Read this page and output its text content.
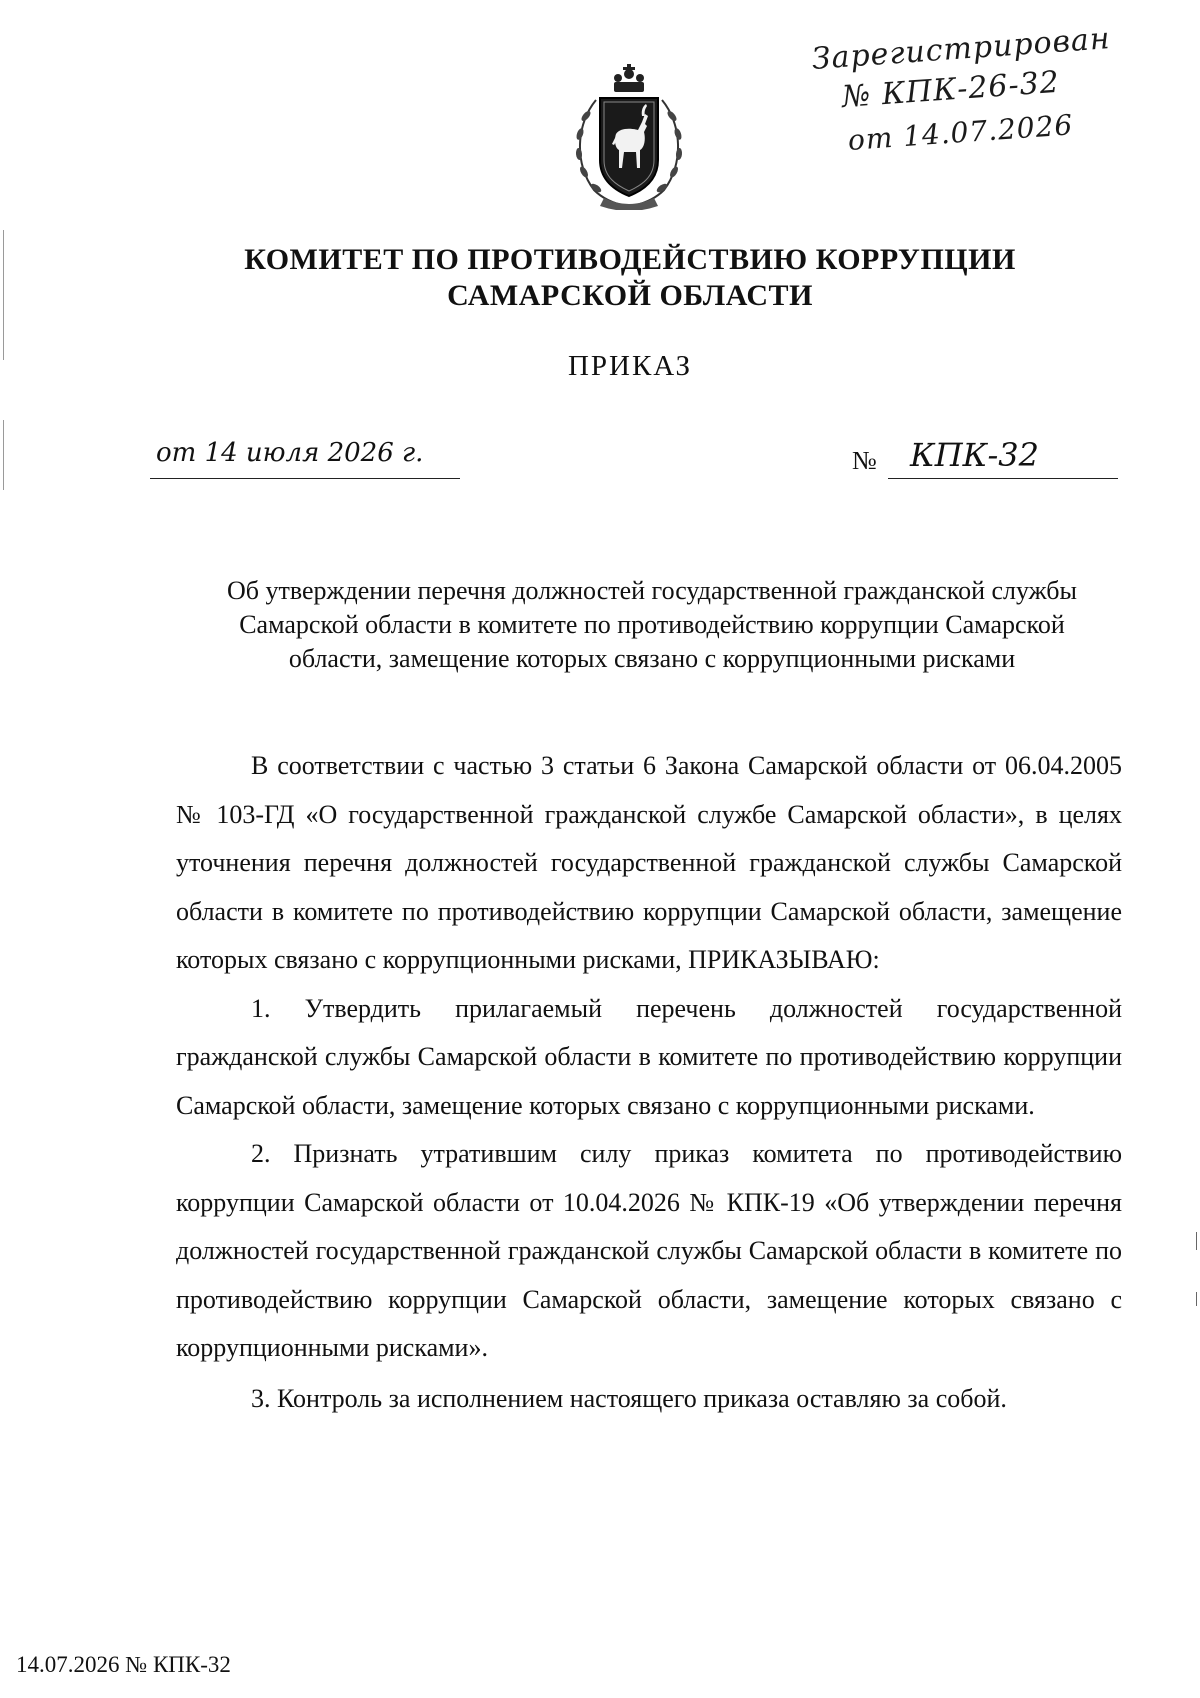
Зарегистрирован
№ КПК-26-32
от 14.07.2026
КОМИТЕТ ПО ПРОТИВОДЕЙСТВИЮ КОРРУПЦИИ
САМАРСКОЙ ОБЛАСТИ
ПРИКАЗ
от 14 июля 2026 г.	№ КПК-32
Об утверждении перечня должностей государственной гражданской службы
Самарской области в комитете по противодействию коррупции Самарской
области, замещение которых связано с коррупционными рисками

В соответствии с частью 3 статьи 6 Закона Самарской области от 06.04.2005 № 103-ГД «О государственной гражданской службе Самарской области», в целях уточнения перечня должностей государственной гражданской службы Самарской области в комитете по противодействию коррупции Самарской области, замещение которых связано с коррупционными рисками, ПРИКАЗЫВАЮ:

1. Утвердить прилагаемый перечень должностей государственной гражданской службы Самарской области в комитете по противодействию коррупции Самарской области, замещение которых связано с коррупционными рисками.

2. Признать утратившим силу приказ комитета по противодействию коррупции Самарской области от 10.04.2026 № КПК-19 «Об утверждении перечня должностей государственной гражданской службы Самарской области в комитете по противодействию коррупции Самарской области, замещение которых связано с коррупционными рисками».

3. Контроль за исполнением настоящего приказа оставляю за собой.

14.07.2026 № КПК-32
